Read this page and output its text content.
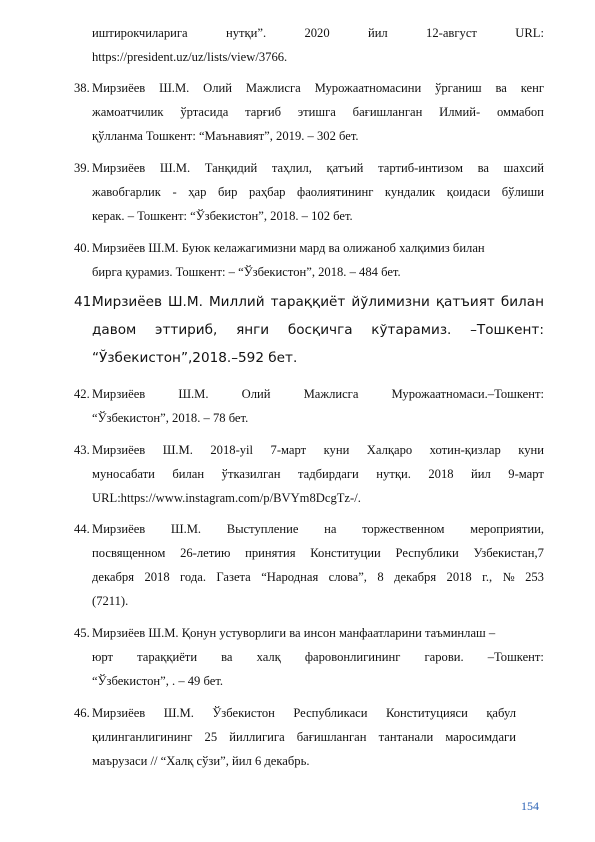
иштирокчиларига	нутқи”.	2020	йил	12-август	URL:
https://president.uz/uz/lists/view/3766.
38. Мирзиёев Ш.М. Олий Мажлисга Мурожаатномасини ўрганиш ва кенг
жамоатчилик ўртасида тарғиб этишга бағишланган Илмий- оммабоп
қўлланма Тошкент: “Маънавият”, 2019. – 302 бет.
39. Мирзиёев Ш.М. Танқидий таҳлил, қатъий тартиб-интизом ва шахсий
жавобгарлик - ҳар бир раҳбар фаолиятининг кундалик қоидаси бўлиши
керак. – Тошкент: “Ўзбекистон”, 2018. – 102 бет.
40. Мирзиёев Ш.М. Буюк келажагимизни мард ва олижаноб халқимиз билан
бирга қурамиз. Тошкент: – “Ўзбекистон”, 2018. – 484 бет.
41.
Мирзиёев Ш.М. Миллий тараққиёт йўлимизни қатъият билан
давом эттириб, янги босқичга кўтарамиз. –Тошкент:
“Ўзбекистон”,2018.–592 бет.
42. Мирзиёев	Ш.М.	Олий	Мажлисга	Мурожаатномаси.–Тошкент:
“Ўзбекистон”, 2018. – 78 бет.
43. Мирзиёев Ш.М. 2018-yil 7-март куни Халқаро хотин-қизлар куни
муносабати билан ўтказилган тадбирдаги нутқи. 2018 йил 9-март
URL:https://www.instagram.com/p/BVYm8DcgTz-/.
44. Мирзиёев Ш.М. Выступление на торжественном мероприятии,
посвященном 26-летию принятия Конституции Республики Узбекистан,7
декабря 2018 года. Газета “Народная слова”, 8 декабря 2018 г., № 253
(7211).
45. Мирзиёев Ш.М. Қонун устуворлиги ва инсон манфаатларини таъминлаш –
юрт тараққиёти ва халқ фаровонлигининг гарови. –Тошкент:
“Ўзбекистон”, . – 49 бет.
46. Мирзиёев Ш.М. Ўзбекистон Республикаси Конституцияси қабул
қилинганлигининг 25 йиллигига бағишланган тантанали маросимдаги
маърузаси // “Халқ сўзи”, йил 6 декабрь.
154
